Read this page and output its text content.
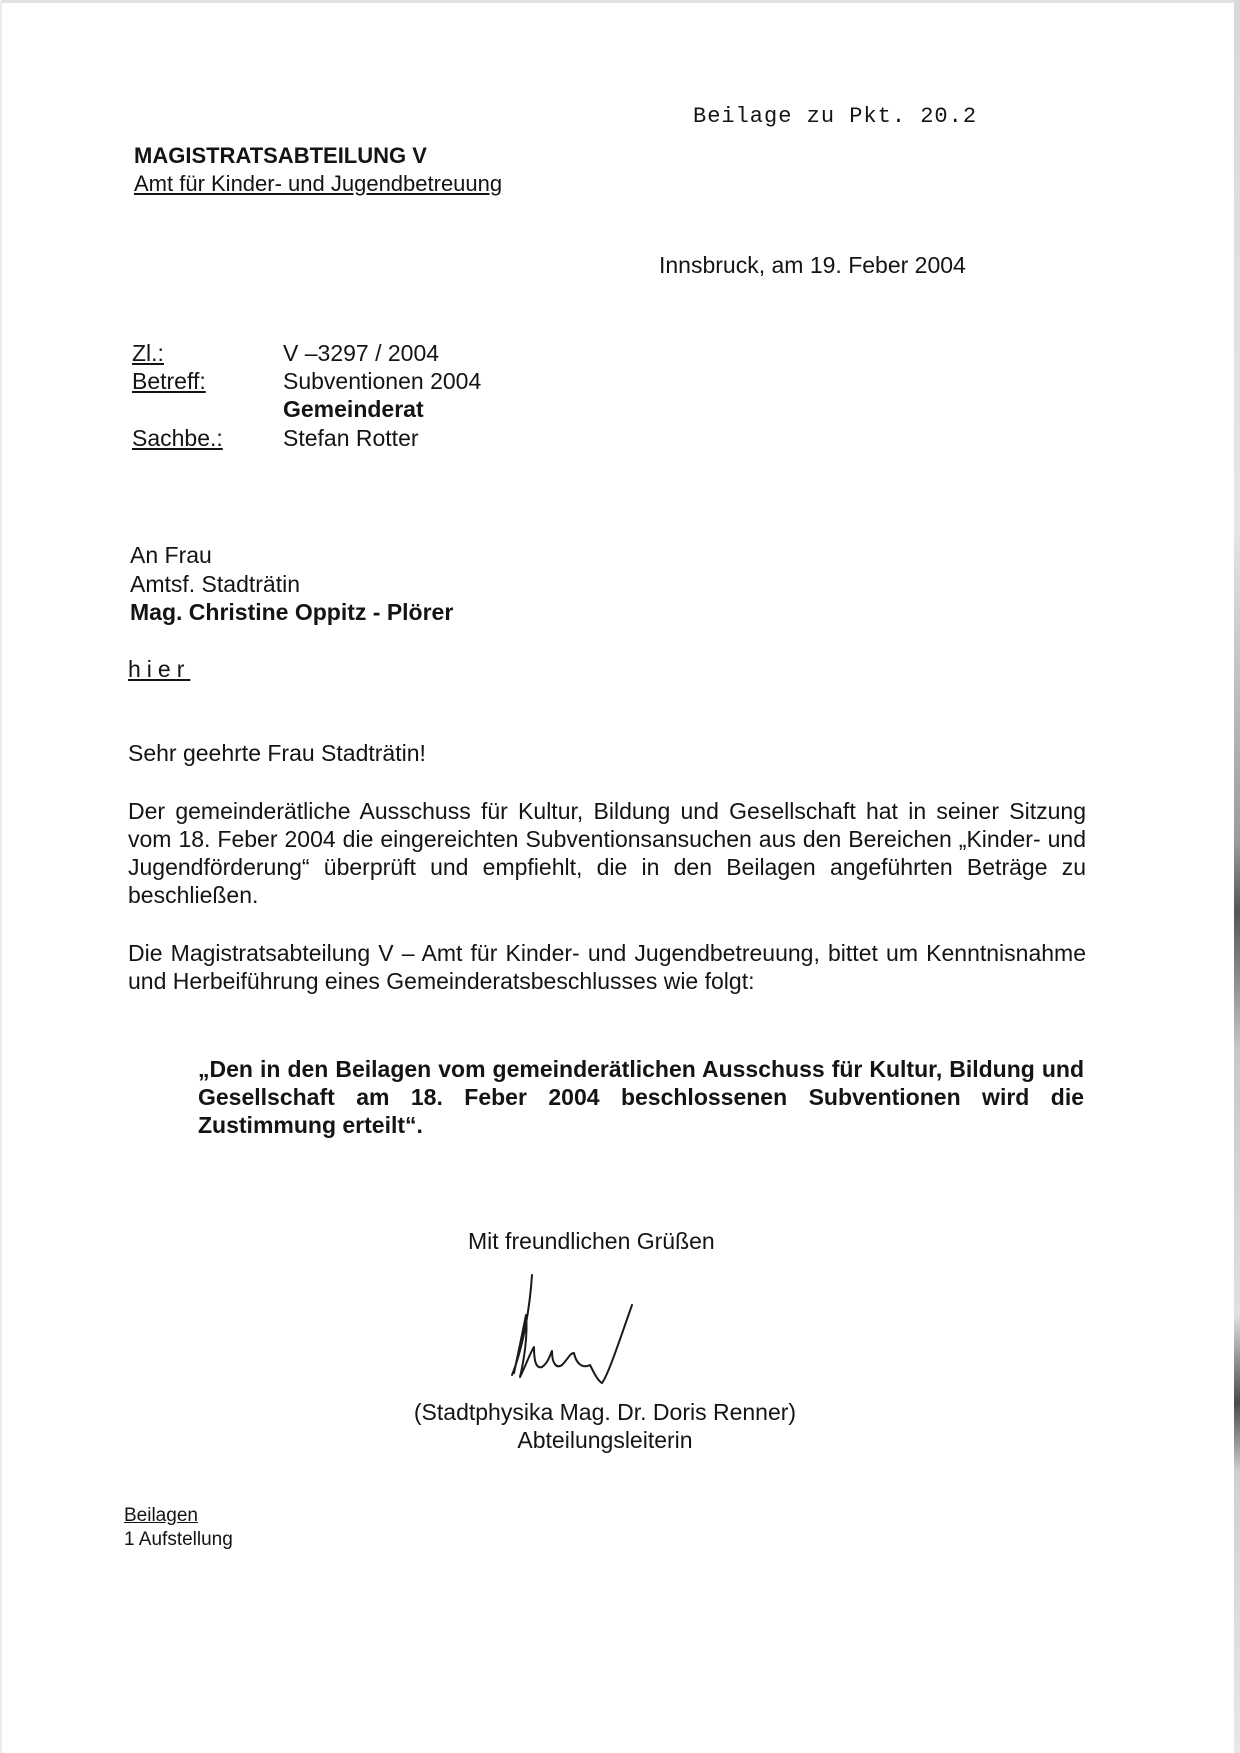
Beilage zu Pkt. 20.2
MAGISTRATSABTEILUNG V
Amt für Kinder- und Jugendbetreuung
Innsbruck, am 19. Feber 2004
Zl.:	V –3297 / 2004
Betreff:	Subventionen 2004
Gemeinderat
Sachbe.:	Stefan Rotter
An Frau
Amtsf. Stadträtin
Mag. Christine Oppitz - Plörer
hier
Sehr geehrte Frau Stadträtin!
Der gemeinderätliche Ausschuss für Kultur, Bildung und Gesellschaft hat in seiner Sitzung vom 18. Feber 2004 die eingereichten Subventionsansuchen aus den Bereichen „Kinder- und Jugendförderung“ überprüft und empfiehlt, die in den Beilagen angeführten Beträge zu beschließen.
Die Magistratsabteilung V – Amt für Kinder- und Jugendbetreuung, bittet um Kenntnisnahme und Herbeiführung eines Gemeinderatsbeschlusses wie folgt:
„Den in den Beilagen vom gemeinderätlichen Ausschuss für Kultur, Bildung und Gesellschaft am 18. Feber 2004 beschlossenen Subventionen wird die Zustimmung erteilt“.
Mit freundlichen Grüßen
(Stadtphysika Mag. Dr. Doris Renner)
Abteilungsleiterin
Beilagen
1 Aufstellung
